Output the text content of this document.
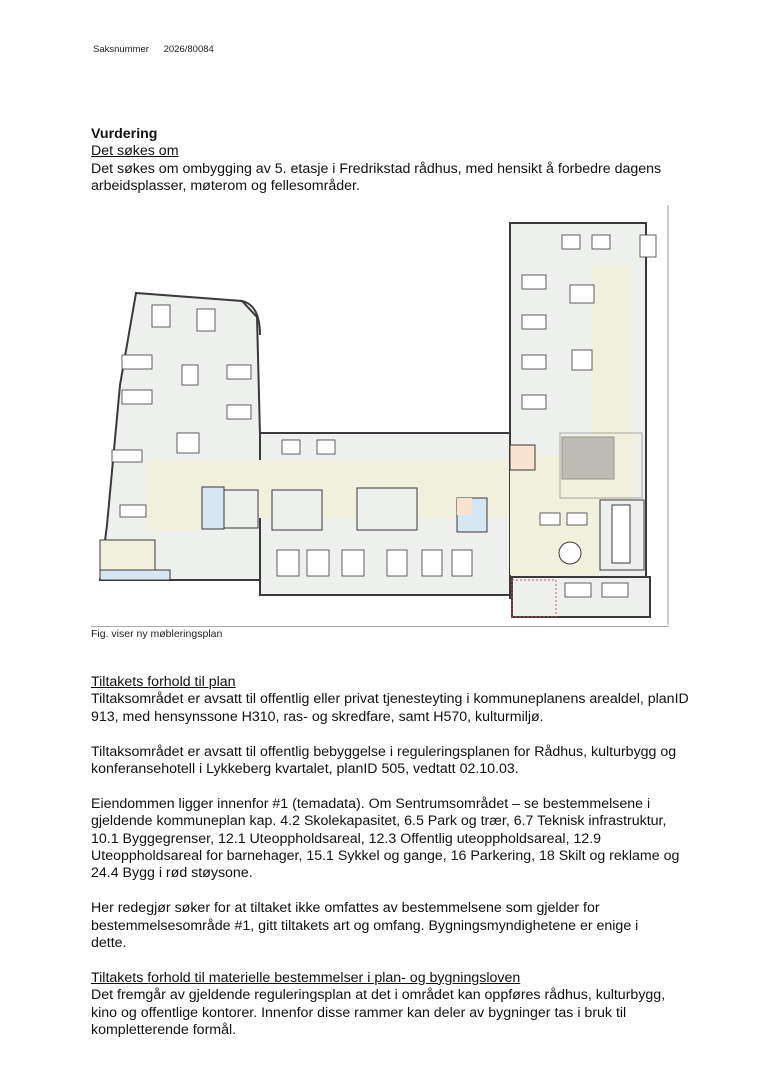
Saksnummer 2026/80084

Vurdering

Det søkes om

Det søkes om ombygging av 5. etasje i Fredrikstad rådhus, med hensikt å forbedre dagens arbeidsplasser, møterom og fellesområder.

Fig. viser ny møbleringsplan

Tiltakets forhold til plan

Tiltaksområdet er avsatt til offentlig eller privat tjenesteyting i kommuneplanens arealdel, planID 913, med hensynssone H310, ras- og skredfare, samt H570, kulturmiljø.

Tiltaksområdet er avsatt til offentlig bebyggelse i reguleringsplanen for Rådhus, kulturbygg og konferansehotell i Lykkeberg kvartalet, planID 505, vedtatt 02.10.03.

Eiendommen ligger innenfor #1 (temadata). Om Sentrumsområdet – se bestemmelsene i gjeldende kommuneplan kap. 4.2 Skolekapasitet, 6.5 Park og trær, 6.7 Teknisk infrastruktur, 10.1 Byggegrenser, 12.1 Uteoppholdsareal, 12.3 Offentlig uteoppholdsareal, 12.9 Uteoppholdsareal for barnehager, 15.1 Sykkel og gange, 16 Parkering, 18 Skilt og reklame og 24.4 Bygg i rød støysone.

Her redegjør søker for at tiltaket ikke omfattes av bestemmelsene som gjelder for bestemmelsesområde #1, gitt tiltakets art og omfang. Bygningsmyndighetene er enige i dette.

Tiltakets forhold til materielle bestemmelser i plan- og bygningsloven

Det fremgår av gjeldende reguleringsplan at det i området kan oppføres rådhus, kulturbygg, kino og offentlige kontorer. Innenfor disse rammer kan deler av bygninger tas i bruk til kompletterende formål.
